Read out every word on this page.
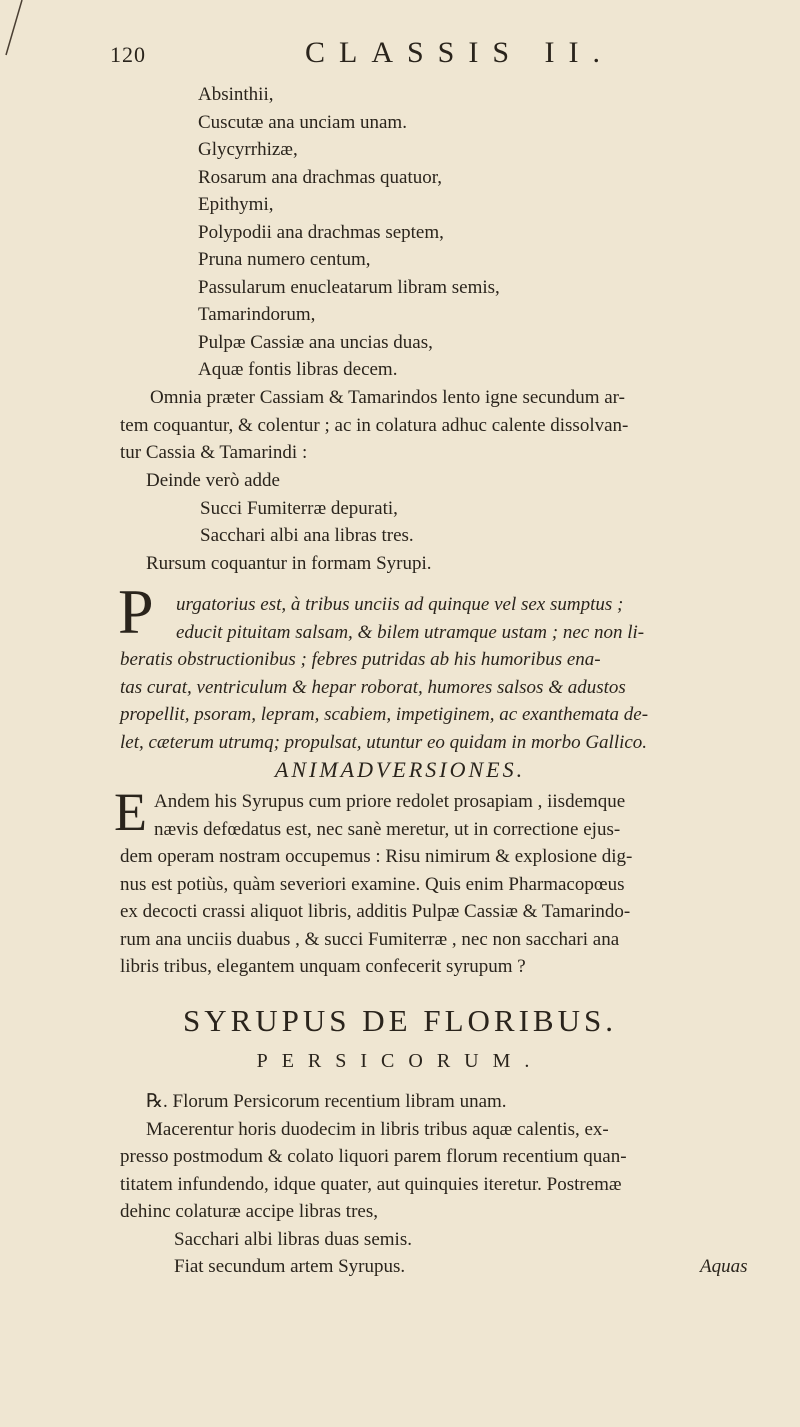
120	CLASSIS II.
Absinthii,
Cuscutæ ana unciam unam.
Glycyrrhizæ,
Rosarum ana drachmas quatuor,
Epithymi,
Polypodii ana drachmas septem,
Pruna numero centum,
Passularum enucleatarum libram semis,
Tamarindorum,
Pulpæ Cassiæ ana uncias duas,
Aquæ fontis libras decem.
Omnia præter Cassiam & Tamarindos lento igne secundum ar-
tem coquantur, & colentur ; ac in colatura adhuc calente dissolvan-
tur Cassia & Tamarindi :
Deinde verò adde
Succi Fumiterræ depurati,
Sacchari albi ana libras tres.
Rursum coquantur in formam Syrupi.
P	urgatorius est, à tribus unciis ad quinque vel sex sumptus ;
educit pituitam salsam, & bilem utramque ustam ; nec non li-
beratis obstructionibus ; febres putridas ab his humoribus ena-
tas curat, ventriculum & hepar roborat, humores salsos & adustos
propellit, psoram, lepram, scabiem, impetiginem, ac exanthemata de-
let, cæterum utrumq; propulsat, utuntur eo quidam in morbo Gallico.
ANIMADVERSIONES.
E Andem his Syrupus cum priore redolet prosapiam , iisdemque
nævis defœdatus est, nec sanè meretur, ut in correctione ejus-
dem operam nostram occupemus : Risu nimirum & explosione dig-
nus est potiùs, quàm severiori examine. Quis enim Pharmacopœus
ex decocti crassi aliquot libris, additis Pulpæ Cassiæ & Tamarindo-
rum ana unciis duabus , & succi Fumiterræ , nec non sacchari ana
libris tribus, elegantem unquam confecerit syrupum ?
SYRUPUS DE FLORIBUS.
PERSICORUM.
℞. Florum Persicorum recentium libram unam.
Macerentur horis duodecim in libris tribus aquæ calentis, ex-
presso postmodum & colato liquori parem florum recentium quan-
titatem infundendo, idque quater, aut quinquies iteretur. Postremæ
dehinc colaturæ accipe libras tres,
Sacchari albi libras duas semis.
Fiat secundum artem Syrupus.	Aquas
